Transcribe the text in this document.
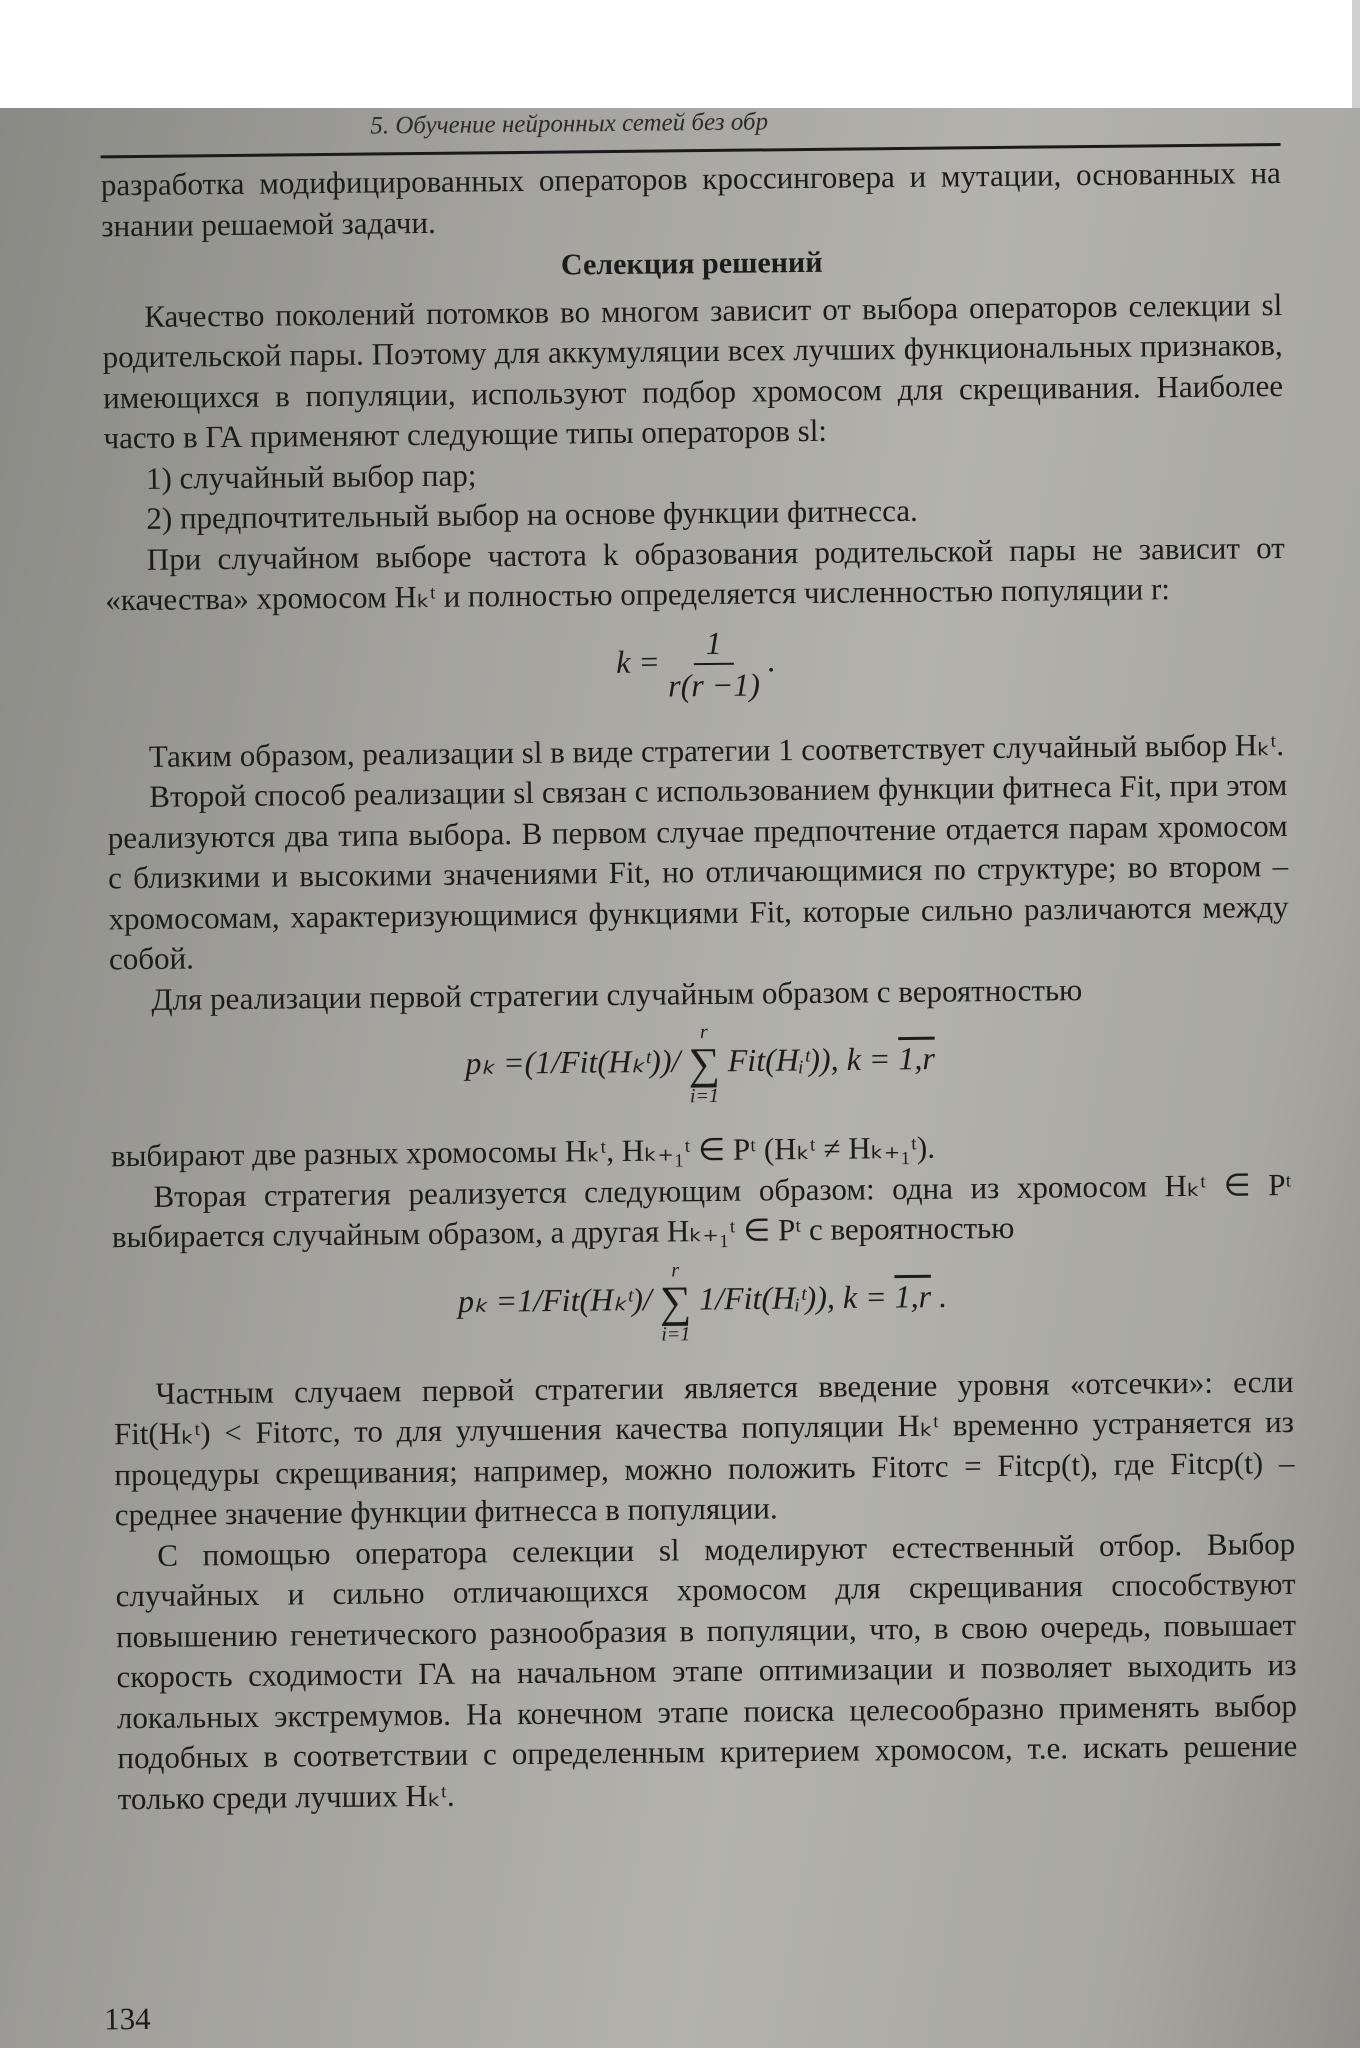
5. Обучение нейронных сетей без обр

разработка модифицированных операторов кроссинговера и мутации, основанных на знании решаемой задачи.

Селекция решений

Качество поколений потомков во многом зависит от выбора операторов селекции sl родительской пары. Поэтому для аккумуляции всех лучших функциональных признаков, имеющихся в популяции, используют подбор хромосом для скрещивания. Наиболее часто в ГА применяют следующие типы операторов sl:

1) случайный выбор пар;

2) предпочтительный выбор на основе функции фитнесса.

При случайном выборе частота k образования родительской пары не зависит от «качества» хромосом Hₖᵗ и полностью определяется численностью популяции r:

$k = \frac{1}{r(r -1)}$ .

Таким образом, реализации sl в виде стратегии 1 соответствует случайный выбор Hₖᵗ.

Второй способ реализации sl связан с использованием функции фитнеса Fit, при этом реализуются два типа выбора. В первом случае предпочтение отдается парам хромосом с близкими и высокими значениями Fit, но отличающимися по структуре; во втором – хромосомам, характеризующимися функциями Fit, которые сильно различаются между собой.

Для реализации первой стратегии случайным образом с вероятностью

pₖ =(1/Fit(Hₖᵗ))/
r
∑
i=1
Fit(Hᵢᵗ)), k = 1,r

выбирают две разных хромосомы Hₖᵗ, Hₖ₊₁ᵗ ∈ Pᵗ (Hₖᵗ ≠ Hₖ₊₁ᵗ).

Вторая стратегия реализуется следующим образом: одна из хромосом Hₖᵗ ∈ Pᵗ выбирается случайным образом, а другая Hₖ₊₁ᵗ ∈ Pᵗ с вероятностью

pₖ =1/Fit(Hₖᵗ)/
r
∑
i=1
1/Fit(Hᵢᵗ)), k = 1,r .

Частным случаем первой стратегии является введение уровня «отсечки»: если Fit(Hₖᵗ) < Fitотс, то для улучшения качества популяции Hₖᵗ временно устраняется из процедуры скрещивания; например, можно положить Fitотс = Fitср(t), где Fitср(t) – среднее значение функции фитнесса в популяции.

С помощью оператора селекции sl моделируют естественный отбор. Выбор случайных и сильно отличающихся хромосом для скрещивания способствуют повышению генетического разнообразия в популяции, что, в свою очередь, повышает скорость сходимости ГА на начальном этапе оптимизации и позволяет выходить из локальных экстремумов. На конечном этапе поиска целесообразно применять выбор подобных в соответствии с определенным критерием хромосом, т.е. искать решение только среди лучших Hₖᵗ.

134
